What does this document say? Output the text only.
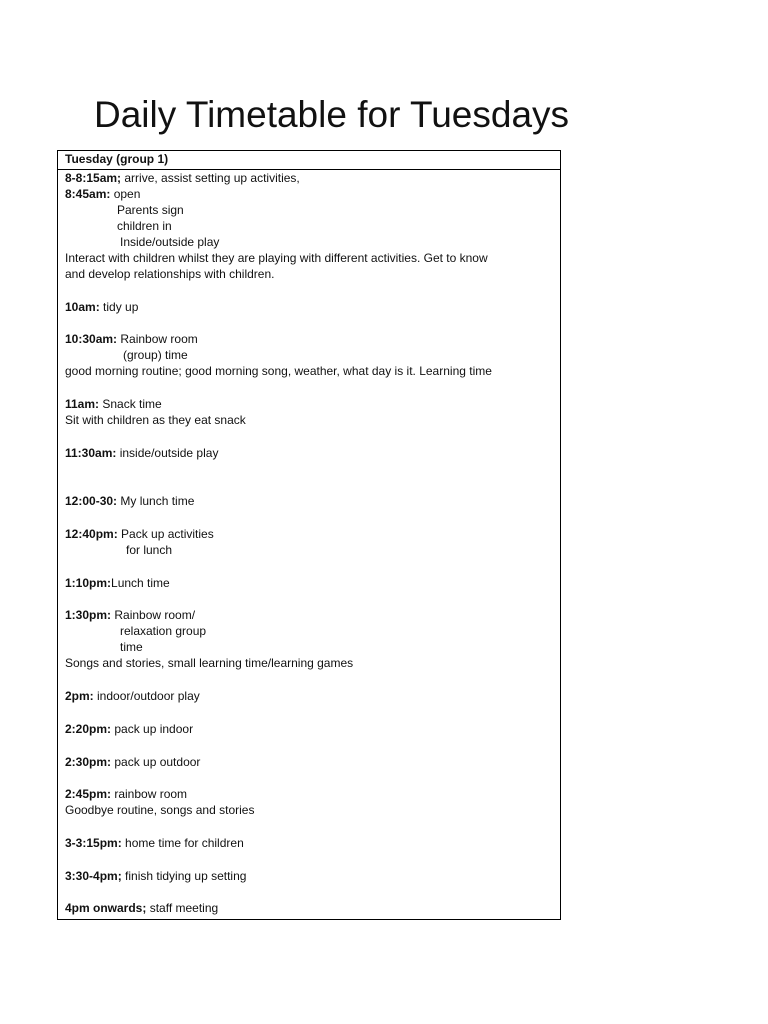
Daily Timetable for Tuesdays
Tuesday (group 1)
8-8:15am; arrive, assist setting up activities,
8:45am: open
Parents sign
children in
Inside/outside play
Interact with children whilst they are playing with different activities. Get to know
and develop relationships with children.
10am: tidy up
10:30am: Rainbow room
(group) time
good morning routine; good morning song, weather, what day is it. Learning time
11am: Snack time
Sit with children as they eat snack
11:30am: inside/outside play
12:00-30: My lunch time
12:40pm: Pack up activities
for lunch
1:10pm:Lunch time
1:30pm: Rainbow room/
relaxation group
time
Songs and stories, small learning time/learning games
2pm: indoor/outdoor play
2:20pm: pack up indoor
2:30pm: pack up outdoor
2:45pm: rainbow room
Goodbye routine, songs and stories
3-3:15pm: home time for children
3:30-4pm; finish tidying up setting
4pm onwards; staff meeting
